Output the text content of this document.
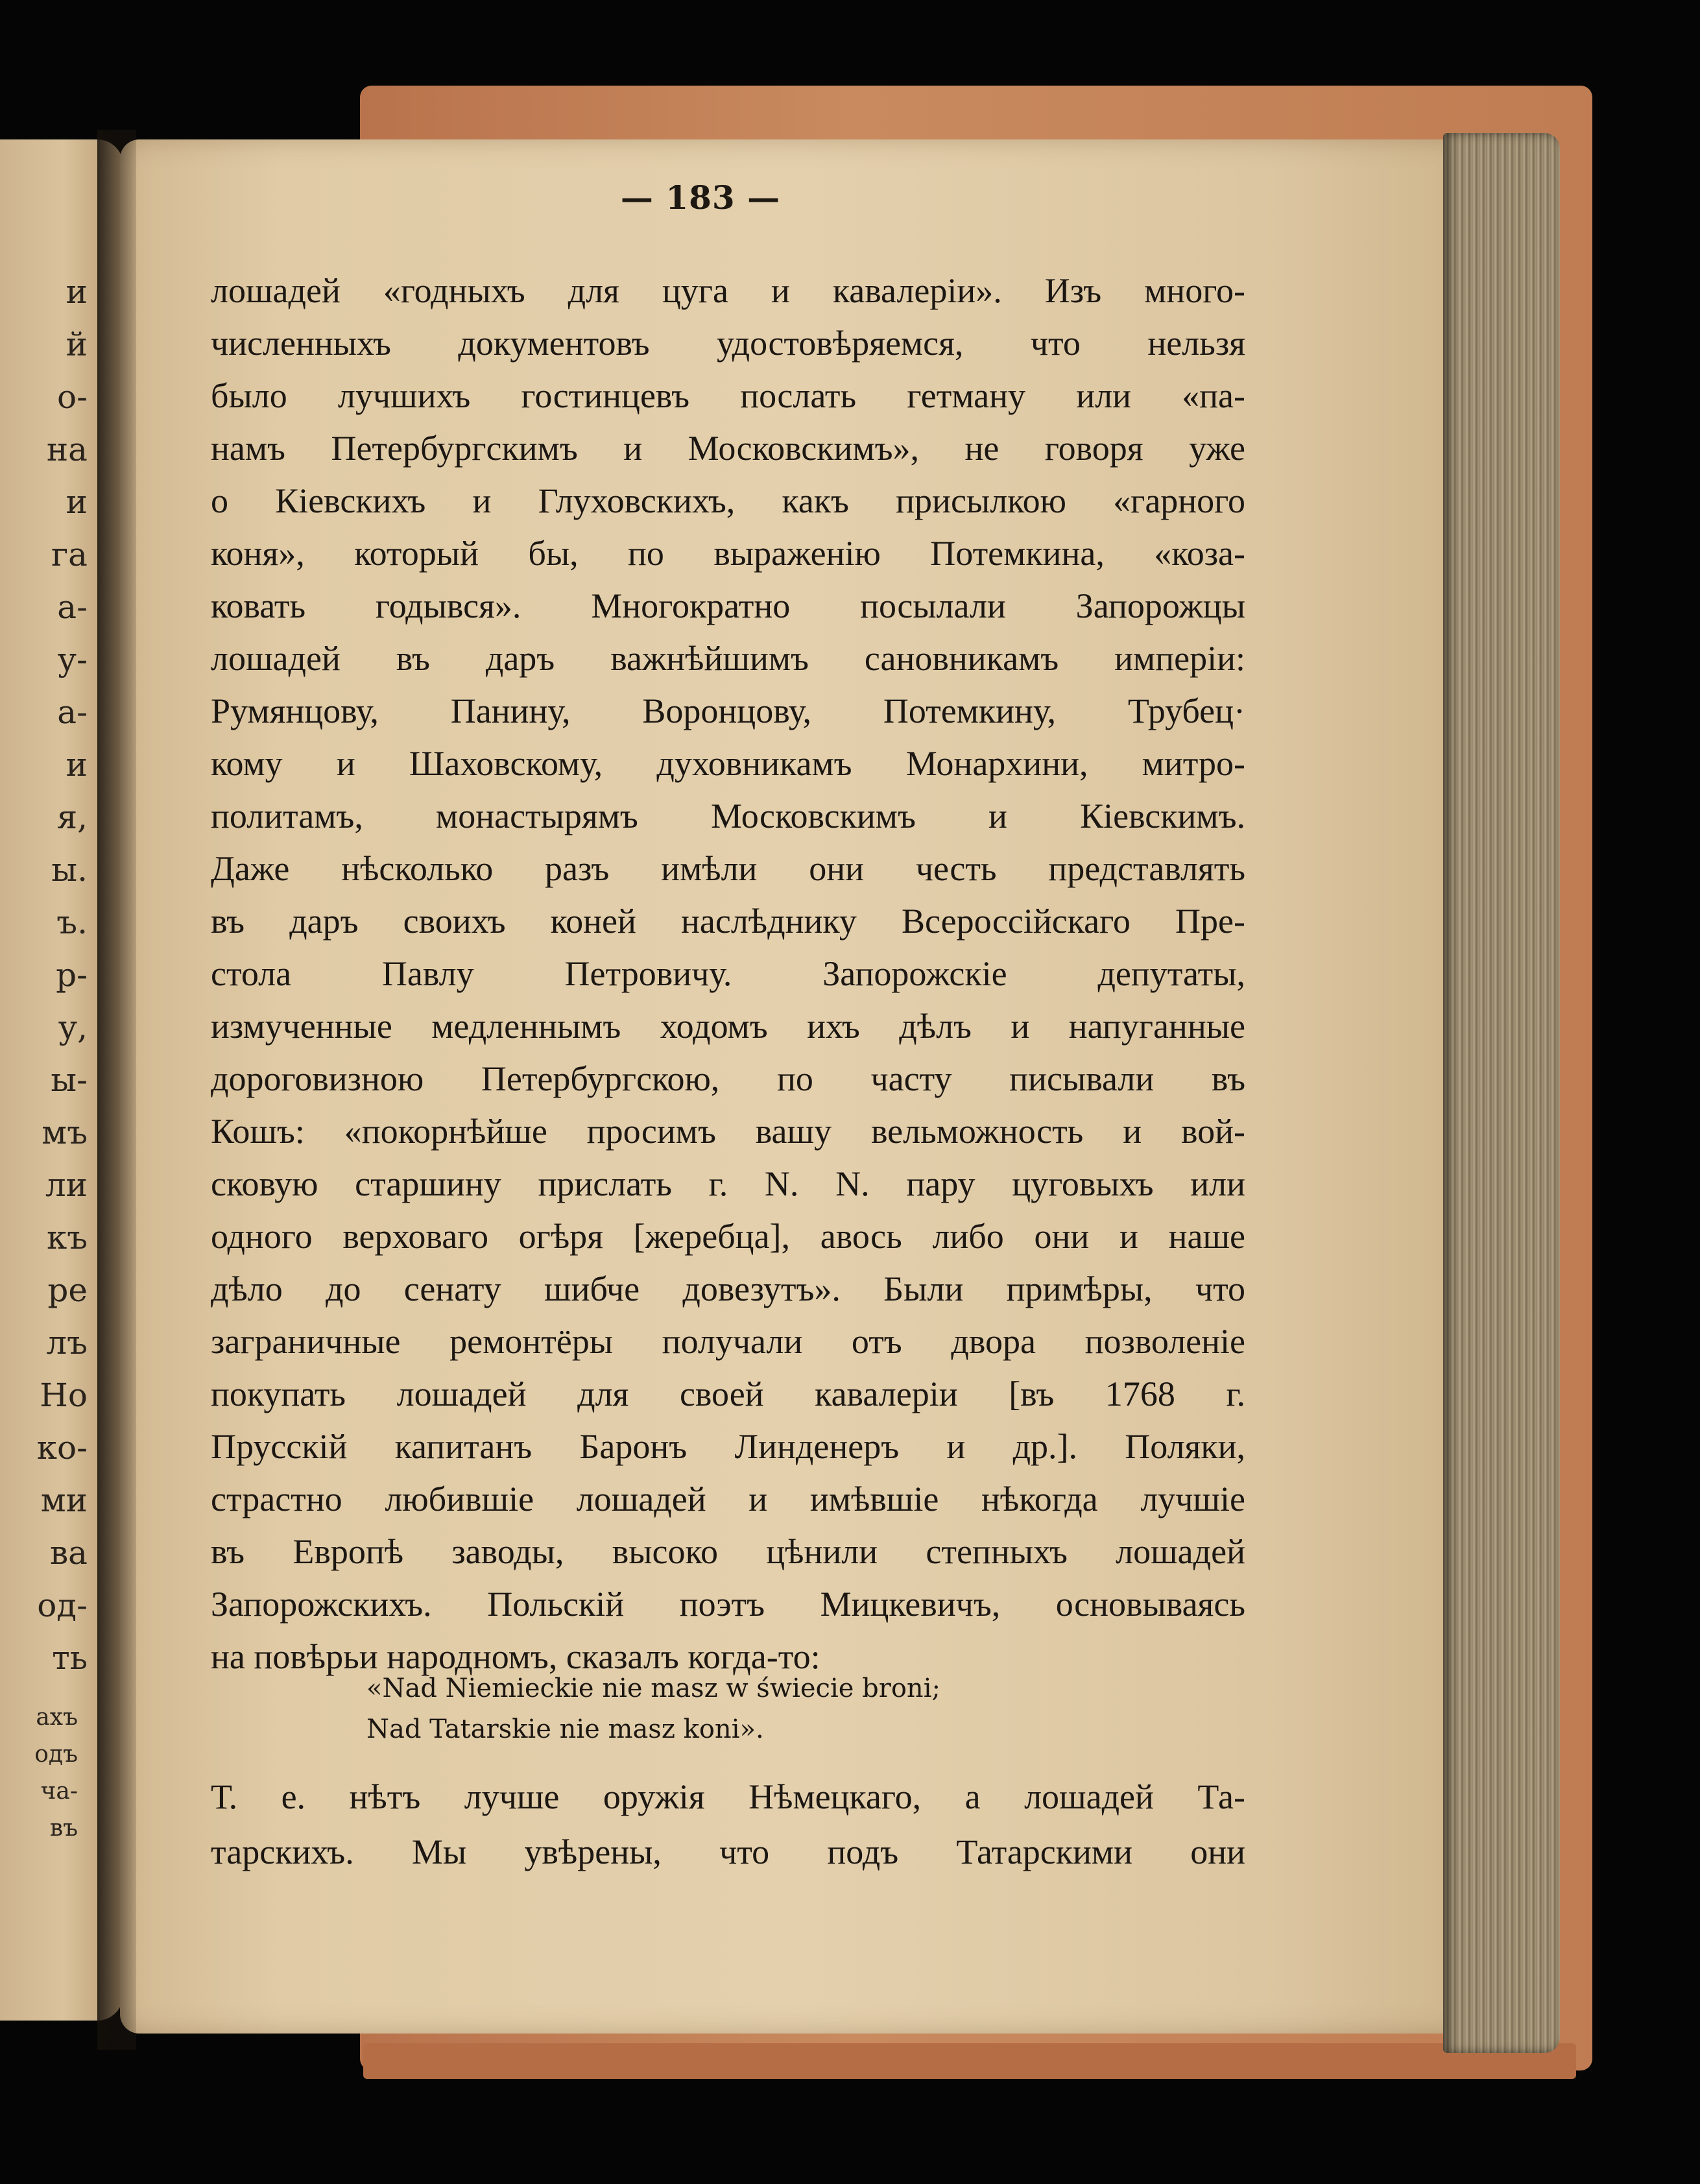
и
й
о-
на
и
га
а-
у-
а-
и
я,
ы.
ъ.
р-
у,
ы-
мъ
ли
къ
ре
лъ
Но
ко-
ми
ва
од-
ть
ахъ
одъ
ча-
въ
— 183 —
лошадей «годныхъ для цуга и кавалеріи». Изъ много-
численныхъ документовъ удостовѣряемся, что нельзя
было лучшихъ гостинцевъ послать гетману или «па-
намъ Петербургскимъ и Московскимъ», не говоря уже
о Кіевскихъ и Глуховскихъ, какъ присылкою «гарного
коня», который бы, по выраженію Потемкина, «коза-
ковать годывся». Многократно посылали Запорожцы
лошадей въ даръ важнѣйшимъ сановникамъ имперіи:
Румянцову, Панину, Воронцову, Потемкину, Трубец·
кому и Шаховскому, духовникамъ Монархини, митро-
политамъ, монастырямъ Московскимъ и Кіевскимъ.
Даже нѣсколько разъ имѣли они честь представлять
въ даръ своихъ коней наслѣднику Всероссійскаго Пре-
стола Павлу Петровичу. Запорожскіе депутаты,
измученные медленнымъ ходомъ ихъ дѣлъ и напуганные
дороговизною Петербургскою, по часту писывали въ
Кошъ: «покорнѣйше просимъ вашу вельможность и вой-
сковую старшину прислать г. N. N. пару цуговыхъ или
одного верховаго огѣря [жеребца], авось либо они и наше
дѣло до сенату шибче довезутъ». Были примѣры, что
заграничные ремонтёры получали отъ двора позволеніе
покупать лошадей для своей кавалеріи [въ 1768 г.
Прусскій капитанъ Баронъ Линденеръ и др.]. Поляки,
страстно любившіе лошадей и имѣвшіе нѣкогда лучшіе
въ Европѣ заводы, высоко цѣнили степныхъ лошадей
Запорожскихъ. Польскій поэтъ Мицкевичъ, основываясь
на повѣрьи народномъ, сказалъ когда-то:
«Nad Niemieckie nie masz w świecie broni;
Nad Tatarskie nie masz koni».
Т. е. нѣтъ лучше оружія Нѣмецкаго, а лошадей Та-
тарскихъ. Мы увѣрены, что подъ Татарскими они
